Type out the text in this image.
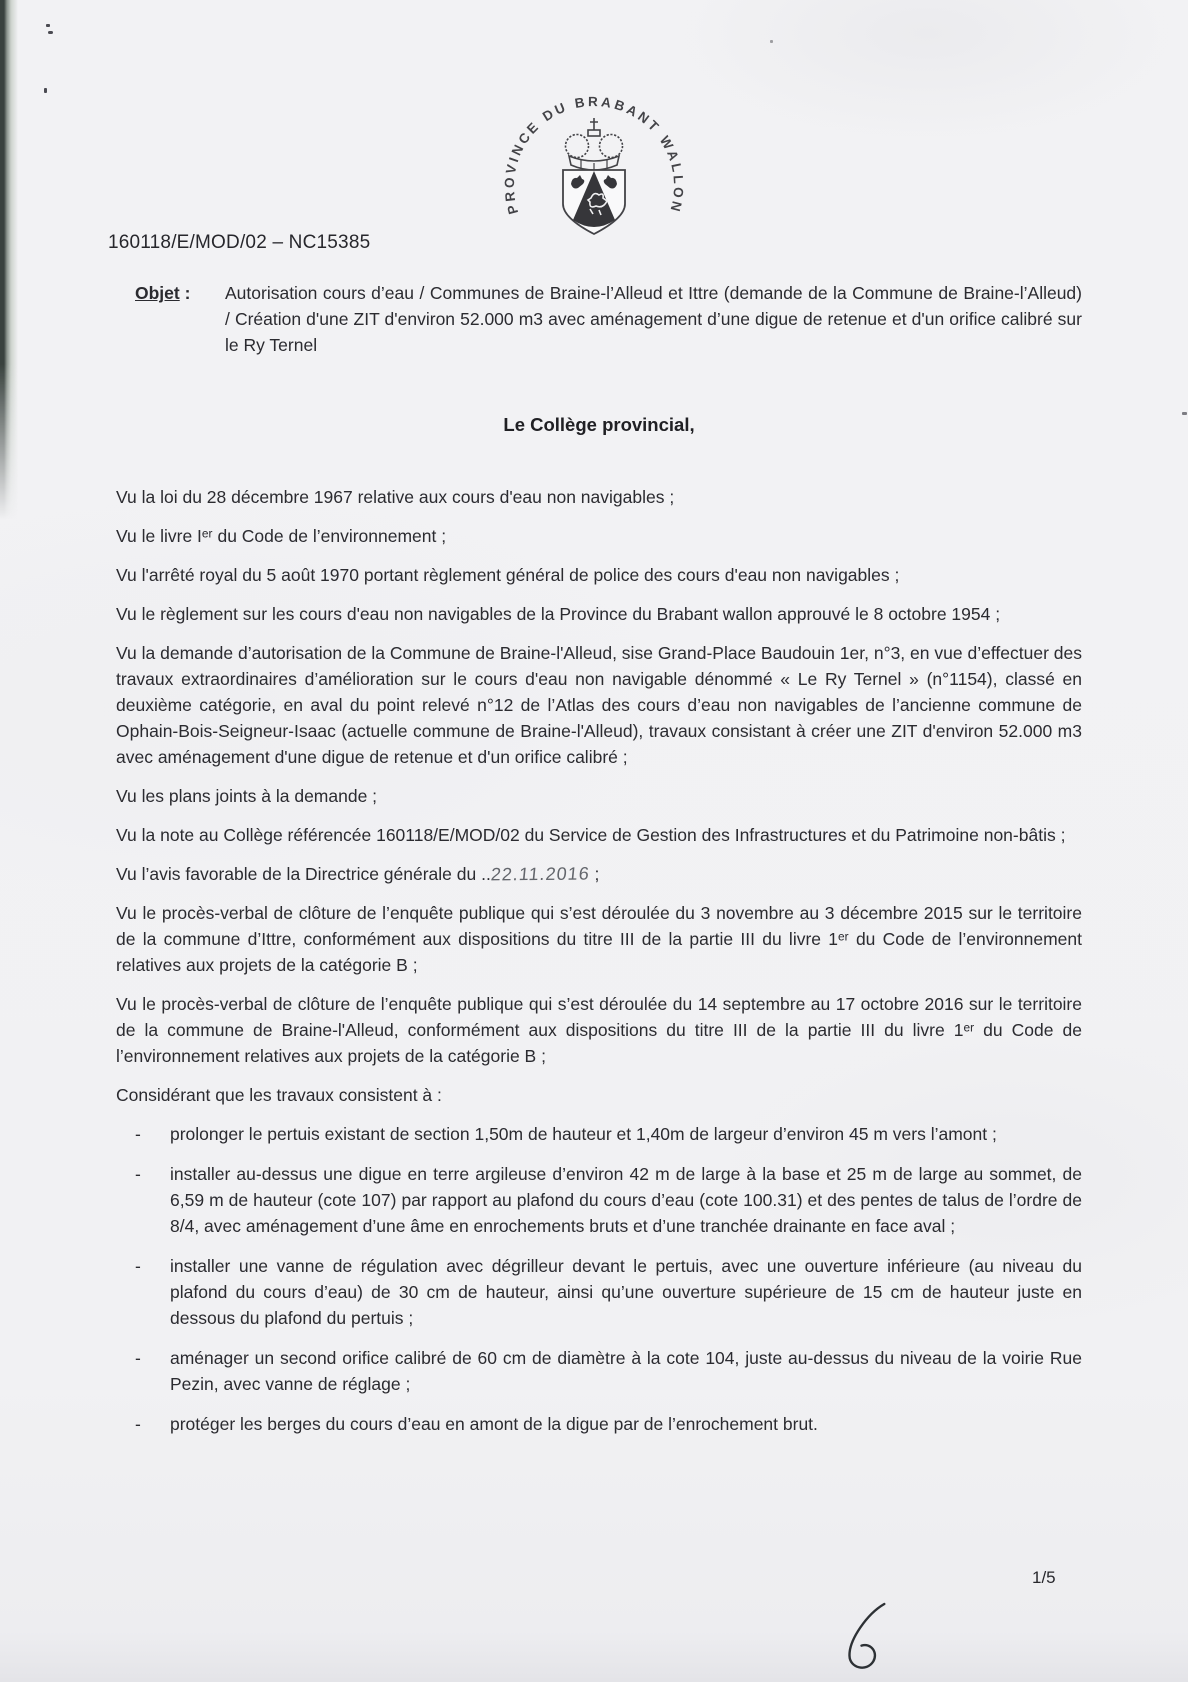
PROVINCE DU BRABANT WALLON
160118/E/MOD/02 – NC15385
Objet :	Autorisation cours d’eau / Communes de Braine-l’Alleud et Ittre (demande de la Commune de Braine-l’Alleud) / Création d'une ZIT d'environ 52.000 m3 avec aménagement d’une digue de retenue et d'un orifice calibré sur le Ry Ternel
Le Collège provincial,

Vu la loi du 28 décembre 1967 relative aux cours d'eau non navigables ;

Vu le livre Iᵉʳ du Code de l’environnement ;

Vu l'arrêté royal du 5 août 1970 portant règlement général de police des cours d'eau non navigables ;

Vu le règlement sur les cours d'eau non navigables de la Province du Brabant wallon approuvé le 8 octobre 1954 ;

Vu la demande d’autorisation de la Commune de Braine-l'Alleud, sise Grand-Place Baudouin 1er, n°3, en vue d’effectuer des travaux extraordinaires d’amélioration sur le cours d'eau non navigable dénommé « Le Ry Ternel » (n°1154), classé en deuxième catégorie, en aval du point relevé n°12 de l’Atlas des cours d’eau non navigables de l’ancienne commune de Ophain-Bois-Seigneur-Isaac (actuelle commune de Braine-l'Alleud), travaux consistant à créer une ZIT d'environ 52.000 m3 avec aménagement d'une digue de retenue et d'un orifice calibré ;

Vu les plans joints à la demande ;

Vu la note au Collège référencée 160118/E/MOD/02 du Service de Gestion des Infrastructures et du Patrimoine non-bâtis ;

Vu l’avis favorable de la Directrice générale du ..22.11.2016 ;

Vu le procès-verbal de clôture de l’enquête publique qui s’est déroulée du 3 novembre au 3 décembre 2015 sur le territoire de la commune d’Ittre, conformément aux dispositions du titre III de la partie III du livre 1ᵉʳ du Code de l’environnement relatives aux projets de la catégorie B ;

Vu le procès-verbal de clôture de l’enquête publique qui s’est déroulée du 14 septembre au 17 octobre 2016 sur le territoire de la commune de Braine-l'Alleud, conformément aux dispositions du titre III de la partie III du livre 1ᵉʳ du Code de l’environnement relatives aux projets de la catégorie B ;

Considérant que les travaux consistent à :

- prolonger le pertuis existant de section 1,50m de hauteur et 1,40m de largeur d’environ 45 m vers l’amont ;
- installer au-dessus une digue en terre argileuse d’environ 42 m de large à la base et 25 m de large au sommet, de 6,59 m de hauteur (cote 107) par rapport au plafond du cours d’eau (cote 100.31) et des pentes de talus de l’ordre de 8/4, avec aménagement d’une âme en enrochements bruts et d’une tranchée drainante en face aval ;
- installer une vanne de régulation avec dégrilleur devant le pertuis, avec une ouverture inférieure (au niveau du plafond du cours d’eau) de 30 cm de hauteur, ainsi qu’une ouverture supérieure de 15 cm de hauteur juste en dessous du plafond du pertuis ;
- aménager un second orifice calibré de 60 cm de diamètre à la cote 104, juste au-dessus du niveau de la voirie Rue Pezin, avec vanne de réglage ;
- protéger les berges du cours d’eau en amont de la digue par de l’enrochement brut.
1/5
